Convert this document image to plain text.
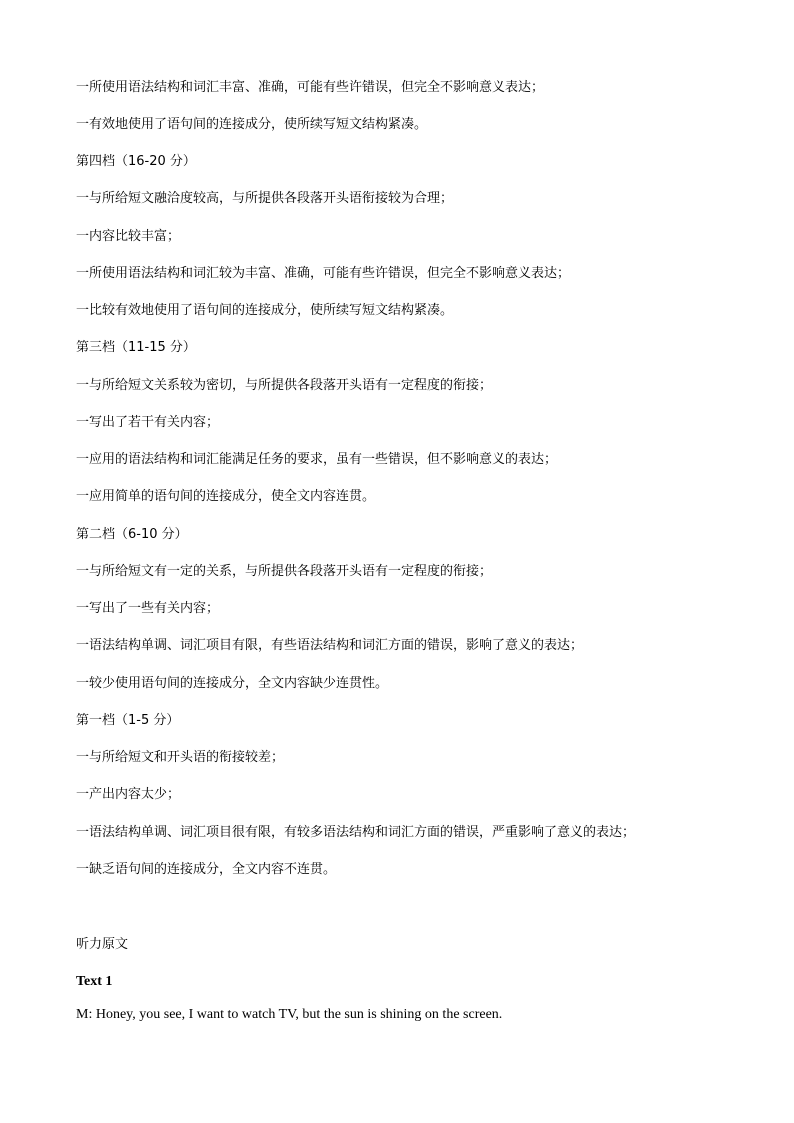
一所使用语法结构和词汇丰富、准确，可能有些许错误，但完全不影响意义表达；
一有效地使用了语句间的连接成分，使所续写短文结构紧凑。
第四档（16-20 分）
一与所给短文融洽度较高，与所提供各段落开头语衔接较为合理；
一内容比较丰富；
一所使用语法结构和词汇较为丰富、准确，可能有些许错误，但完全不影响意义表达；
一比较有效地使用了语句间的连接成分，使所续写短文结构紧凑。
第三档（11-15 分）
一与所给短文关系较为密切，与所提供各段落开头语有一定程度的衔接；
一写出了若干有关内容；
一应用的语法结构和词汇能满足任务的要求，虽有一些错误，但不影响意义的表达；
一应用简单的语句间的连接成分，使全文内容连贯。
第二档（6-10 分）
一与所给短文有一定的关系，与所提供各段落开头语有一定程度的衔接；
一写出了一些有关内容；
一语法结构单调、词汇项目有限，有些语法结构和词汇方面的错误，影响了意义的表达；
一较少使用语句间的连接成分，全文内容缺少连贯性。
第一档（1-5 分）
一与所给短文和开头语的衔接较差；
一产出内容太少；
一语法结构单调、词汇项目很有限，有较多语法结构和词汇方面的错误，严重影响了意义的表达；
一缺乏语句间的连接成分，全文内容不连贯。
听力原文
Text 1
M: Honey, you see, I want to watch TV, but the sun is shining on the screen.
